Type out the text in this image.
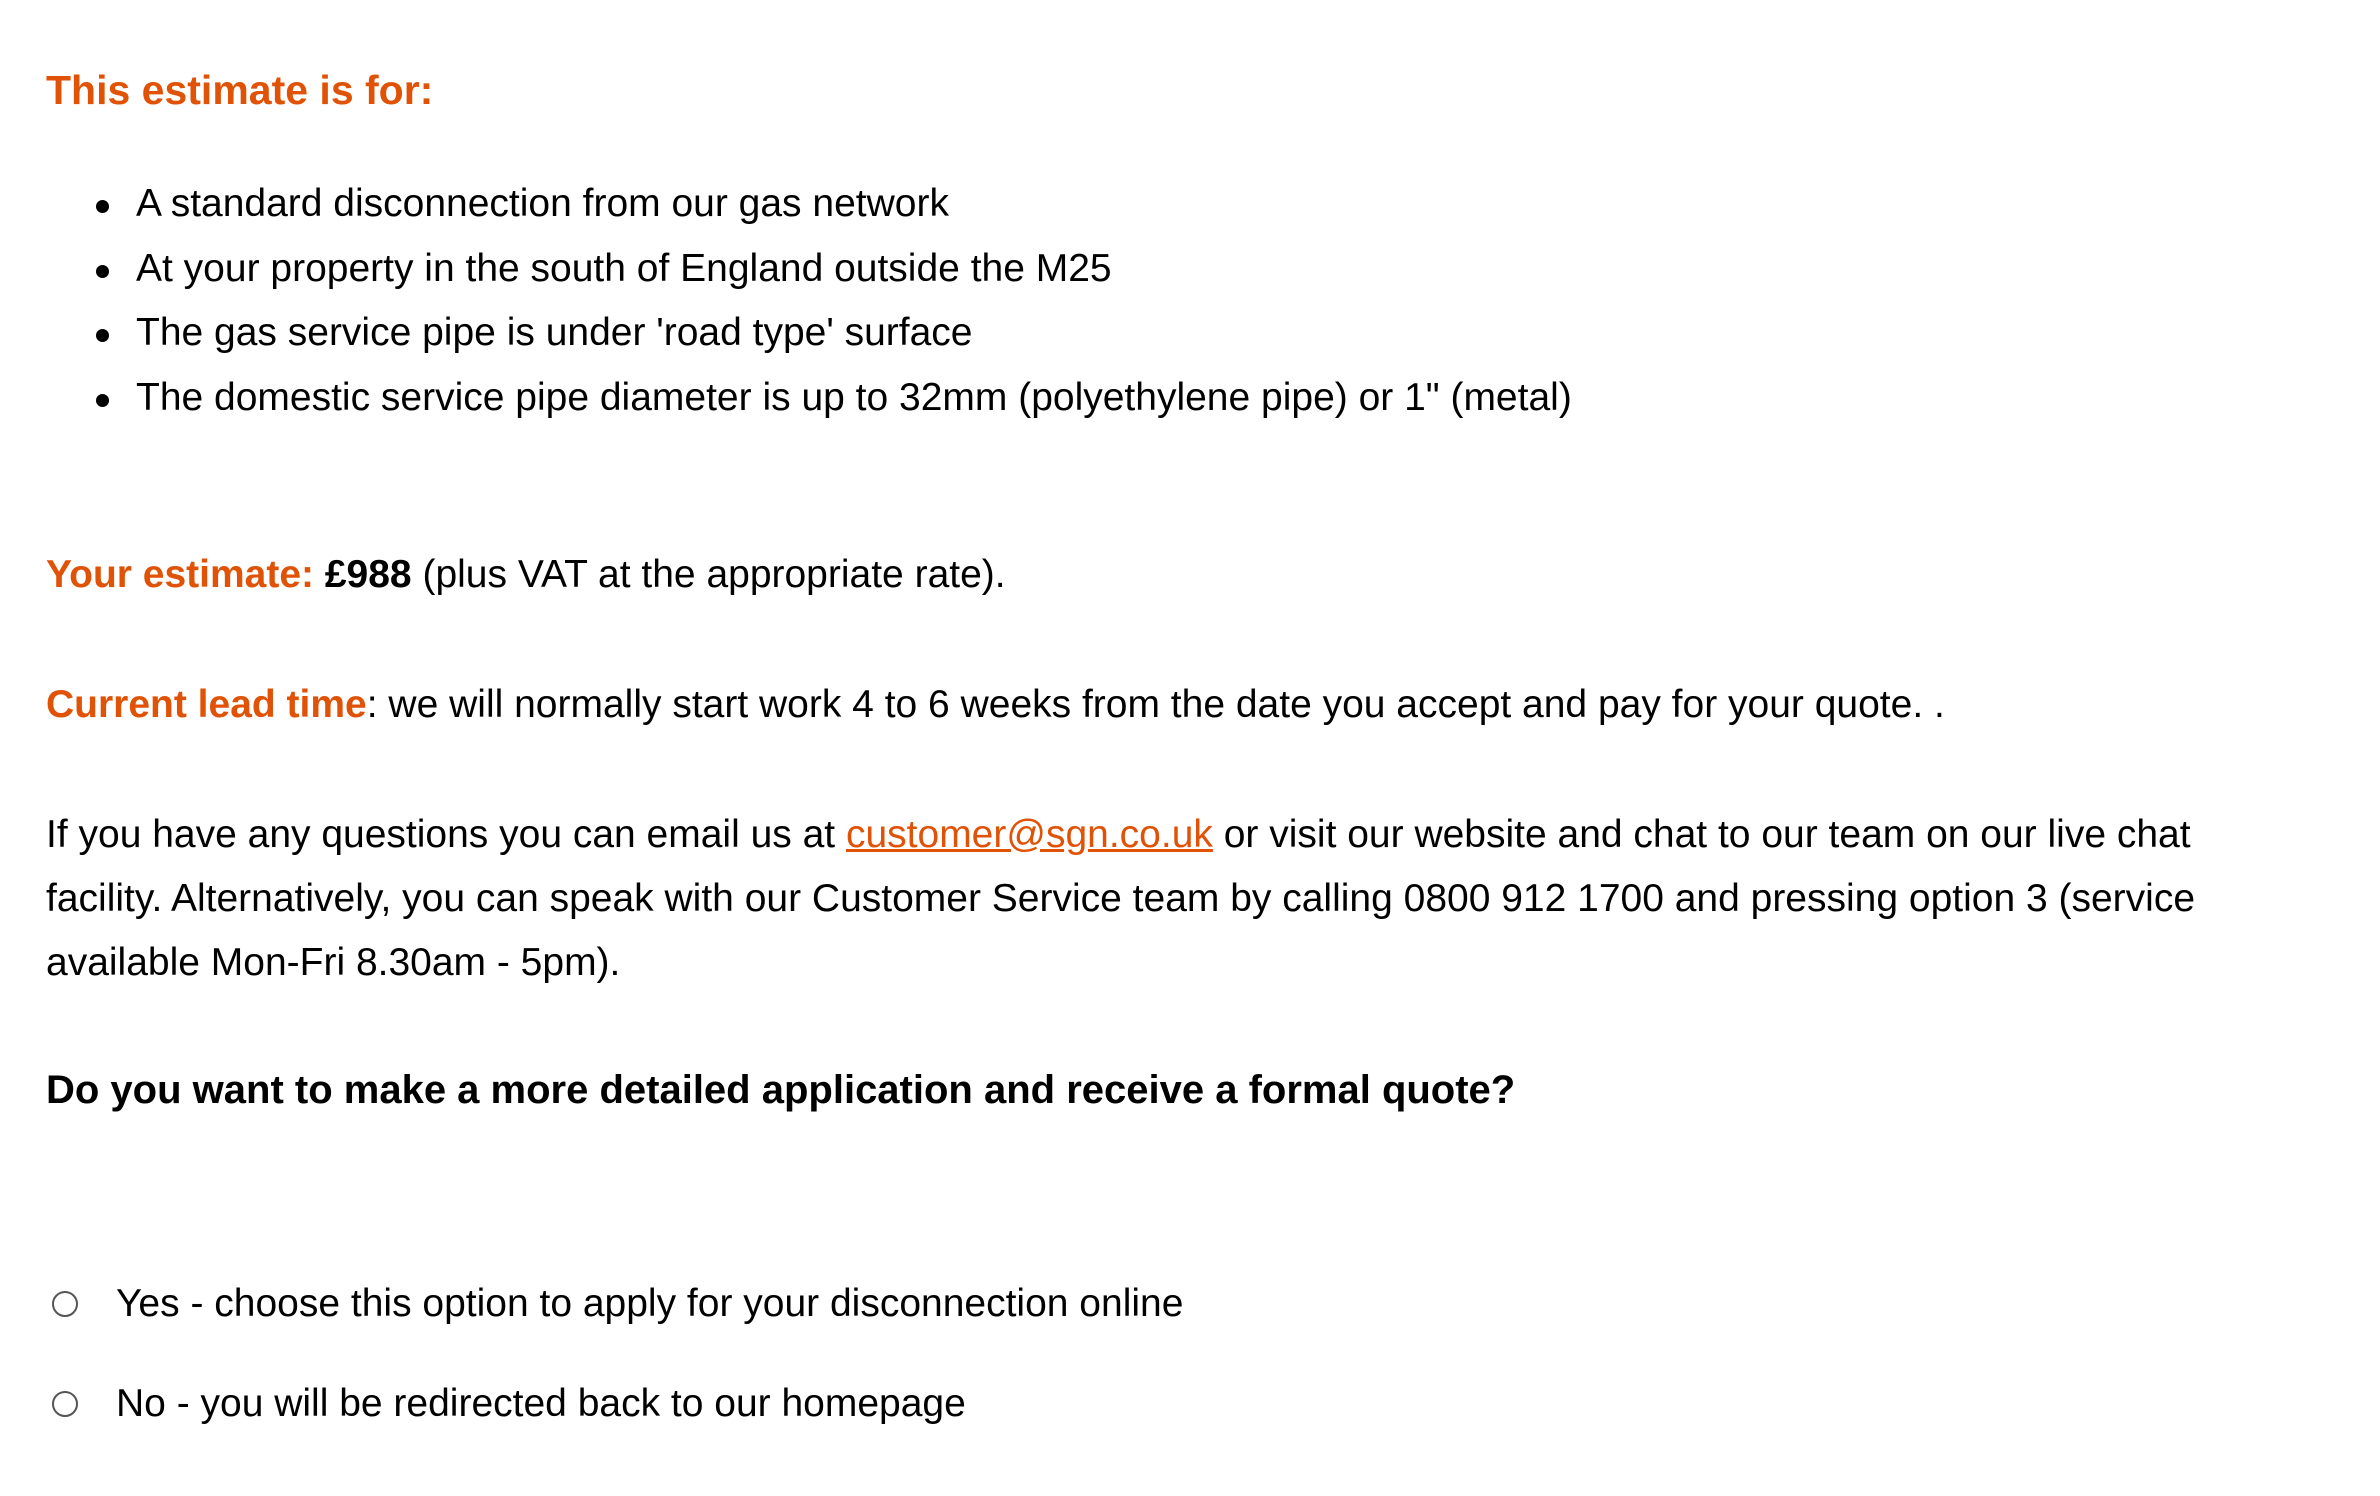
This estimate is for:
A standard disconnection from our gas network
At your property in the south of England outside the M25
The gas service pipe is under 'road type' surface
The domestic service pipe diameter is up to 32mm (polyethylene pipe) or 1" (metal)

Your estimate: £988 (plus VAT at the appropriate rate).

Current lead time: we will normally start work 4 to 6 weeks from the date you accept and pay for your quote. .

If you have any questions you can email us at customer@sgn.co.uk or visit our website and chat to our team on our live chat

facility. Alternatively, you can speak with our Customer Service team by calling 0800 912 1700 and pressing option 3 (service

available Mon-Fri 8.30am - 5pm).

Do you want to make a more detailed application and receive a formal quote?

Yes - choose this option to apply for your disconnection online
No - you will be redirected back to our homepage
